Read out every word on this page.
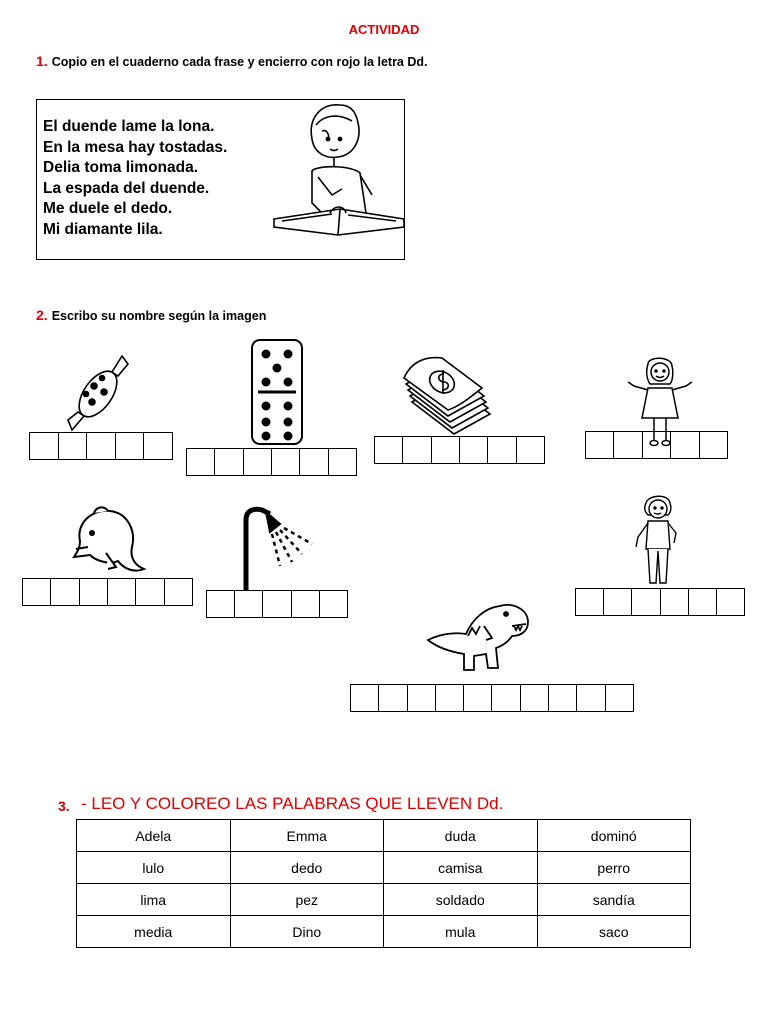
ACTIVIDAD
1. Copio en el cuaderno cada frase y encierro con rojo la letra Dd.
El duende lame la lona.
En la mesa hay tostadas.
Delia toma limonada.
La espada del duende.
Me duele el dedo.
Mi diamante lila.
2. Escribo su nombre según la imagen
3. - LEO Y COLOREO LAS PALABRAS QUE LLEVEN Dd.
Adela	Emma	duda	dominó
lulo	dedo	camisa	perro
lima	pez	soldado	sandía
media	Dino	mula	saco
